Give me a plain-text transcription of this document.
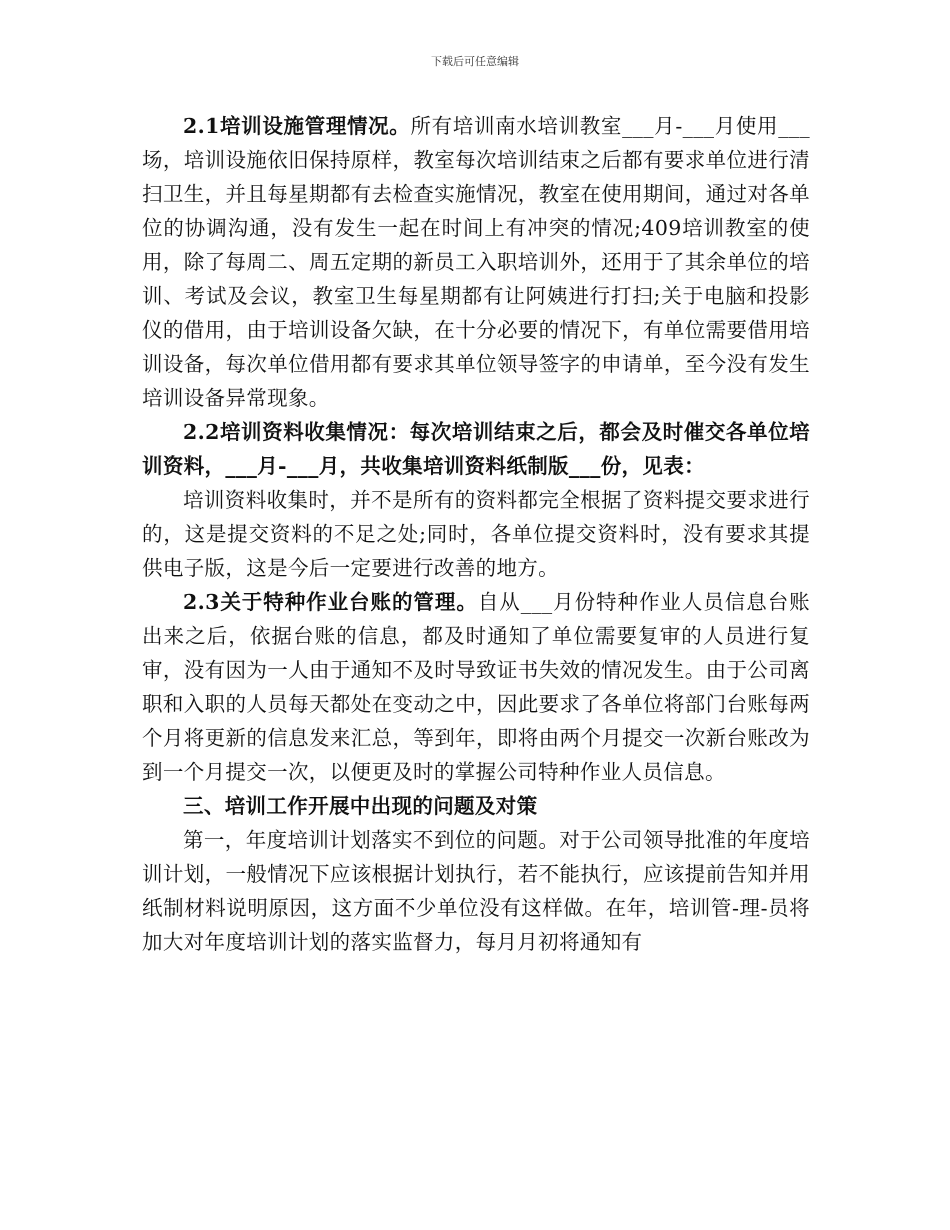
下载后可任意编辑

2.1培训设施管理情况。所有培训南水培训教室___月-___月使用___场，培训设施依旧保持原样，教室每次培训结束之后都有要求单位进行清扫卫生，并且每星期都有去检查实施情况，教室在使用期间，通过对各单位的协调沟通，没有发生一起在时间上有冲突的情况;409培训教室的使用，除了每周二、周五定期的新员工入职培训外，还用于了其余单位的培训、考试及会议，教室卫生每星期都有让阿姨进行打扫;关于电脑和投影仪的借用，由于培训设备欠缺，在十分必要的情况下，有单位需要借用培训设备，每次单位借用都有要求其单位领导签字的申请单，至今没有发生培训设备异常现象。

2.2培训资料收集情况：每次培训结束之后，都会及时催交各单位培训资料，___月-___月，共收集培训资料纸制版___份，见表：

培训资料收集时，并不是所有的资料都完全根据了资料提交要求进行的，这是提交资料的不足之处;同时，各单位提交资料时，没有要求其提供电子版，这是今后一定要进行改善的地方。

2.3关于特种作业台账的管理。自从___月份特种作业人员信息台账出来之后，依据台账的信息，都及时通知了单位需要复审的人员进行复审，没有因为一人由于通知不及时导致证书失效的情况发生。由于公司离职和入职的人员每天都处在变动之中，因此要求了各单位将部门台账每两个月将更新的信息发来汇总，等到年，即将由两个月提交一次新台账改为到一个月提交一次，以便更及时的掌握公司特种作业人员信息。

三、培训工作开展中出现的问题及对策

第一，年度培训计划落实不到位的问题。对于公司领导批准的年度培训计划，一般情况下应该根据计划执行，若不能执行，应该提前告知并用纸制材料说明原因，这方面不少单位没有这样做。在年，培训管-理-员将加大对年度培训计划的落实监督力，每月月初将通知有
